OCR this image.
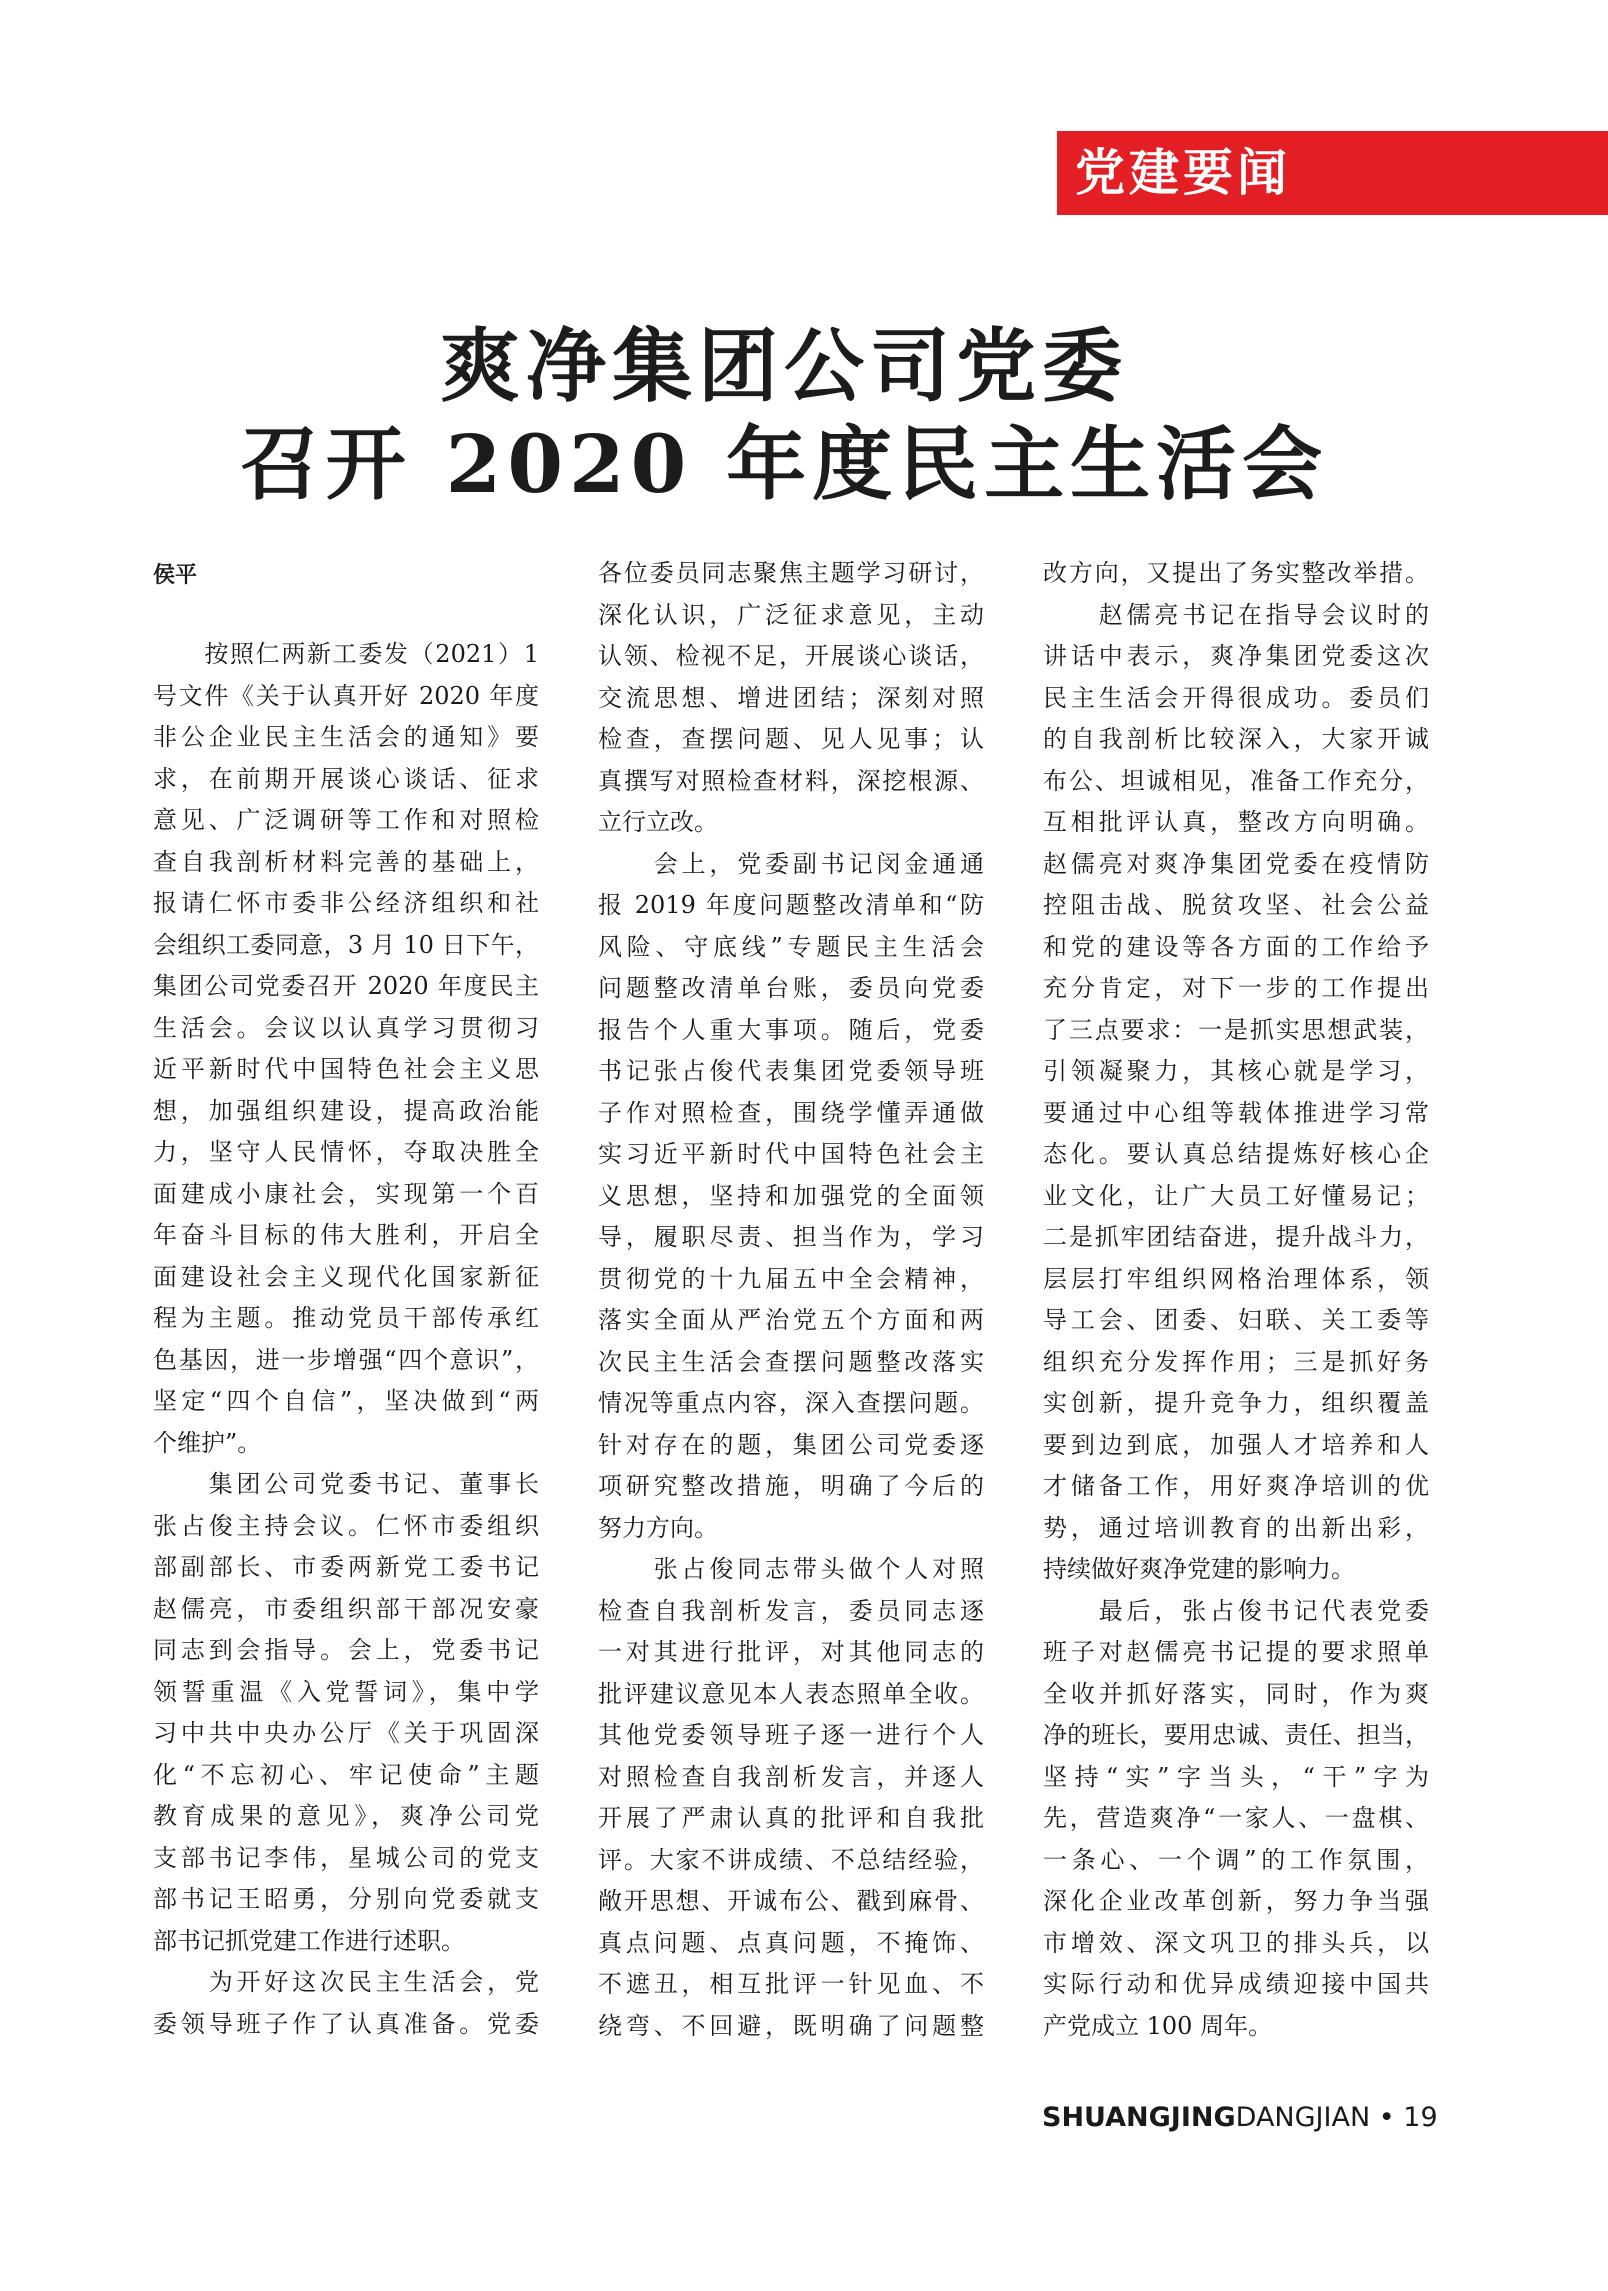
党建要闻
爽净集团公司党委
召开 2020 年度民主生活会
侯平
　　按照仁两新工委发（2021）1
号文件《关于认真开好 2020 年度
非公企业民主生活会的通知》要
求，在前期开展谈心谈话、征求
意见、广泛调研等工作和对照检
查自我剖析材料完善的基础上，
报请仁怀市委非公经济组织和社
会组织工委同意，3 月 10 日下午，
集团公司党委召开 2020 年度民主
生活会。会议以认真学习贯彻习
近平新时代中国特色社会主义思
想，加强组织建设，提高政治能
力，坚守人民情怀，夺取决胜全
面建成小康社会，实现第一个百
年奋斗目标的伟大胜利，开启全
面建设社会主义现代化国家新征
程为主题。推动党员干部传承红
色基因，进一步增强“四个意识”，
坚定“四个自信”，坚决做到“两
个维护”。
　　集团公司党委书记、董事长
张占俊主持会议。仁怀市委组织
部副部长、市委两新党工委书记
赵儒亮，市委组织部干部况安豪
同志到会指导。会上，党委书记
领誓重温《入党誓词》，集中学
习中共中央办公厅《关于巩固深
化“不忘初心、牢记使命”主题
教育成果的意见》，爽净公司党
支部书记李伟，星城公司的党支
部书记王昭勇，分别向党委就支
部书记抓党建工作进行述职。
　　为开好这次民主生活会，党
委领导班子作了认真准备。党委
各位委员同志聚焦主题学习研讨，
深化认识，广泛征求意见，主动
认领、检视不足，开展谈心谈话，
交流思想、增进团结；深刻对照
检查，查摆问题、见人见事；认
真撰写对照检查材料，深挖根源、
立行立改。
　　会上，党委副书记闵金通通
报 2019 年度问题整改清单和“防
风险、守底线”专题民主生活会
问题整改清单台账，委员向党委
报告个人重大事项。随后，党委
书记张占俊代表集团党委领导班
子作对照检查，围绕学懂弄通做
实习近平新时代中国特色社会主
义思想，坚持和加强党的全面领
导，履职尽责、担当作为，学习
贯彻党的十九届五中全会精神，
落实全面从严治党五个方面和两
次民主生活会查摆问题整改落实
情况等重点内容，深入查摆问题。
针对存在的题，集团公司党委逐
项研究整改措施，明确了今后的
努力方向。
　　张占俊同志带头做个人对照
检查自我剖析发言，委员同志逐
一对其进行批评，对其他同志的
批评建议意见本人表态照单全收。
其他党委领导班子逐一进行个人
对照检查自我剖析发言，并逐人
开展了严肃认真的批评和自我批
评。大家不讲成绩、不总结经验，
敞开思想、开诚布公、戳到麻骨、
真点问题、点真问题，不掩饰、
不遮丑，相互批评一针见血、不
绕弯、不回避，既明确了问题整
改方向，又提出了务实整改举措。
　　赵儒亮书记在指导会议时的
讲话中表示，爽净集团党委这次
民主生活会开得很成功。委员们
的自我剖析比较深入，大家开诚
布公、坦诚相见，准备工作充分，
互相批评认真，整改方向明确。
赵儒亮对爽净集团党委在疫情防
控阻击战、脱贫攻坚、社会公益
和党的建设等各方面的工作给予
充分肯定，对下一步的工作提出
了三点要求：一是抓实思想武装，
引领凝聚力，其核心就是学习，
要通过中心组等载体推进学习常
态化。要认真总结提炼好核心企
业文化，让广大员工好懂易记；
二是抓牢团结奋进，提升战斗力，
层层打牢组织网格治理体系，领
导工会、团委、妇联、关工委等
组织充分发挥作用；三是抓好务
实创新，提升竞争力，组织覆盖
要到边到底，加强人才培养和人
才储备工作，用好爽净培训的优
势，通过培训教育的出新出彩，
持续做好爽净党建的影响力。
　　最后，张占俊书记代表党委
班子对赵儒亮书记提的要求照单
全收并抓好落实，同时，作为爽
净的班长，要用忠诚、责任、担当，
坚持“实”字当头，“干”字为
先，营造爽净“一家人、一盘棋、
一条心、一个调”的工作氛围，
深化企业改革创新，努力争当强
市增效、深文巩卫的排头兵，以
实际行动和优异成绩迎接中国共
产党成立 100 周年。
SHUANGJINGDANGJIAN • 19
